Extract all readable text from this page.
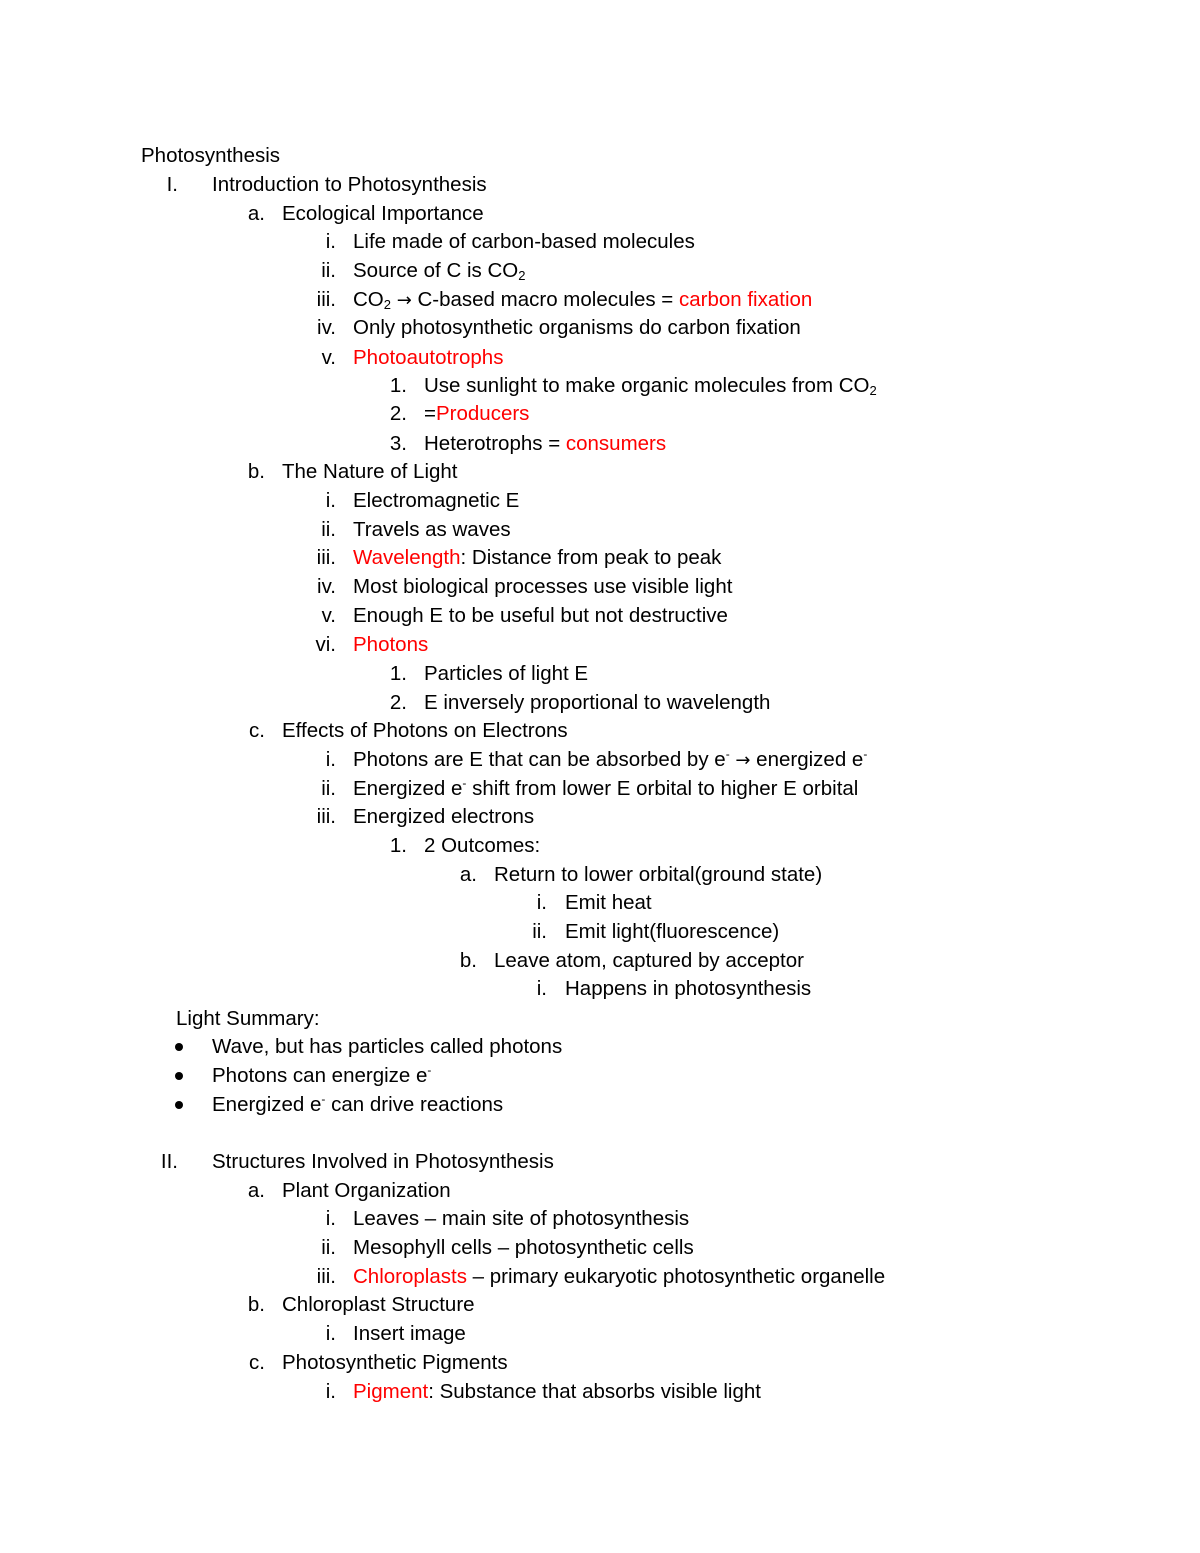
Photosynthesis
I. Introduction to Photosynthesis
a. Ecological Importance
i. Life made of carbon-based molecules
ii. Source of C is $CO_2$
iii. $CO_2$ → C-based macro molecules = carbon fixation
iv. Only photosynthetic organisms do carbon fixation
v. Photoautotrophs
1. Use sunlight to make organic molecules from $CO_2$
2. =Producers
3. Heterotrophs = consumers
b. The Nature of Light
i. Electromagnetic E
ii. Travels as waves
iii. Wavelength: Distance from peak to peak
iv. Most biological processes use visible light
v. Enough E to be useful but not destructive
vi. Photons
1. Particles of light E
2. E inversely proportional to wavelength
c. Effects of Photons on Electrons
i. Photons are E that can be absorbed by e- → energized e-
ii. Energized e- shift from lower E orbital to higher E orbital
iii. Energized electrons
1. 2 Outcomes:
a. Return to lower orbital(ground state)
i. Emit heat
ii. Emit light(fluorescence)
b. Leave atom, captured by acceptor
i. Happens in photosynthesis
Light Summary:
Wave, but has particles called photons
Photons can energize e-
Energized e- can drive reactions
II. Structures Involved in Photosynthesis
a. Plant Organization
i. Leaves – main site of photosynthesis
ii. Mesophyll cells – photosynthetic cells
iii. Chloroplasts – primary eukaryotic photosynthetic organelle
b. Chloroplast Structure
i. Insert image
c. Photosynthetic Pigments
i. Pigment: Substance that absorbs visible light
